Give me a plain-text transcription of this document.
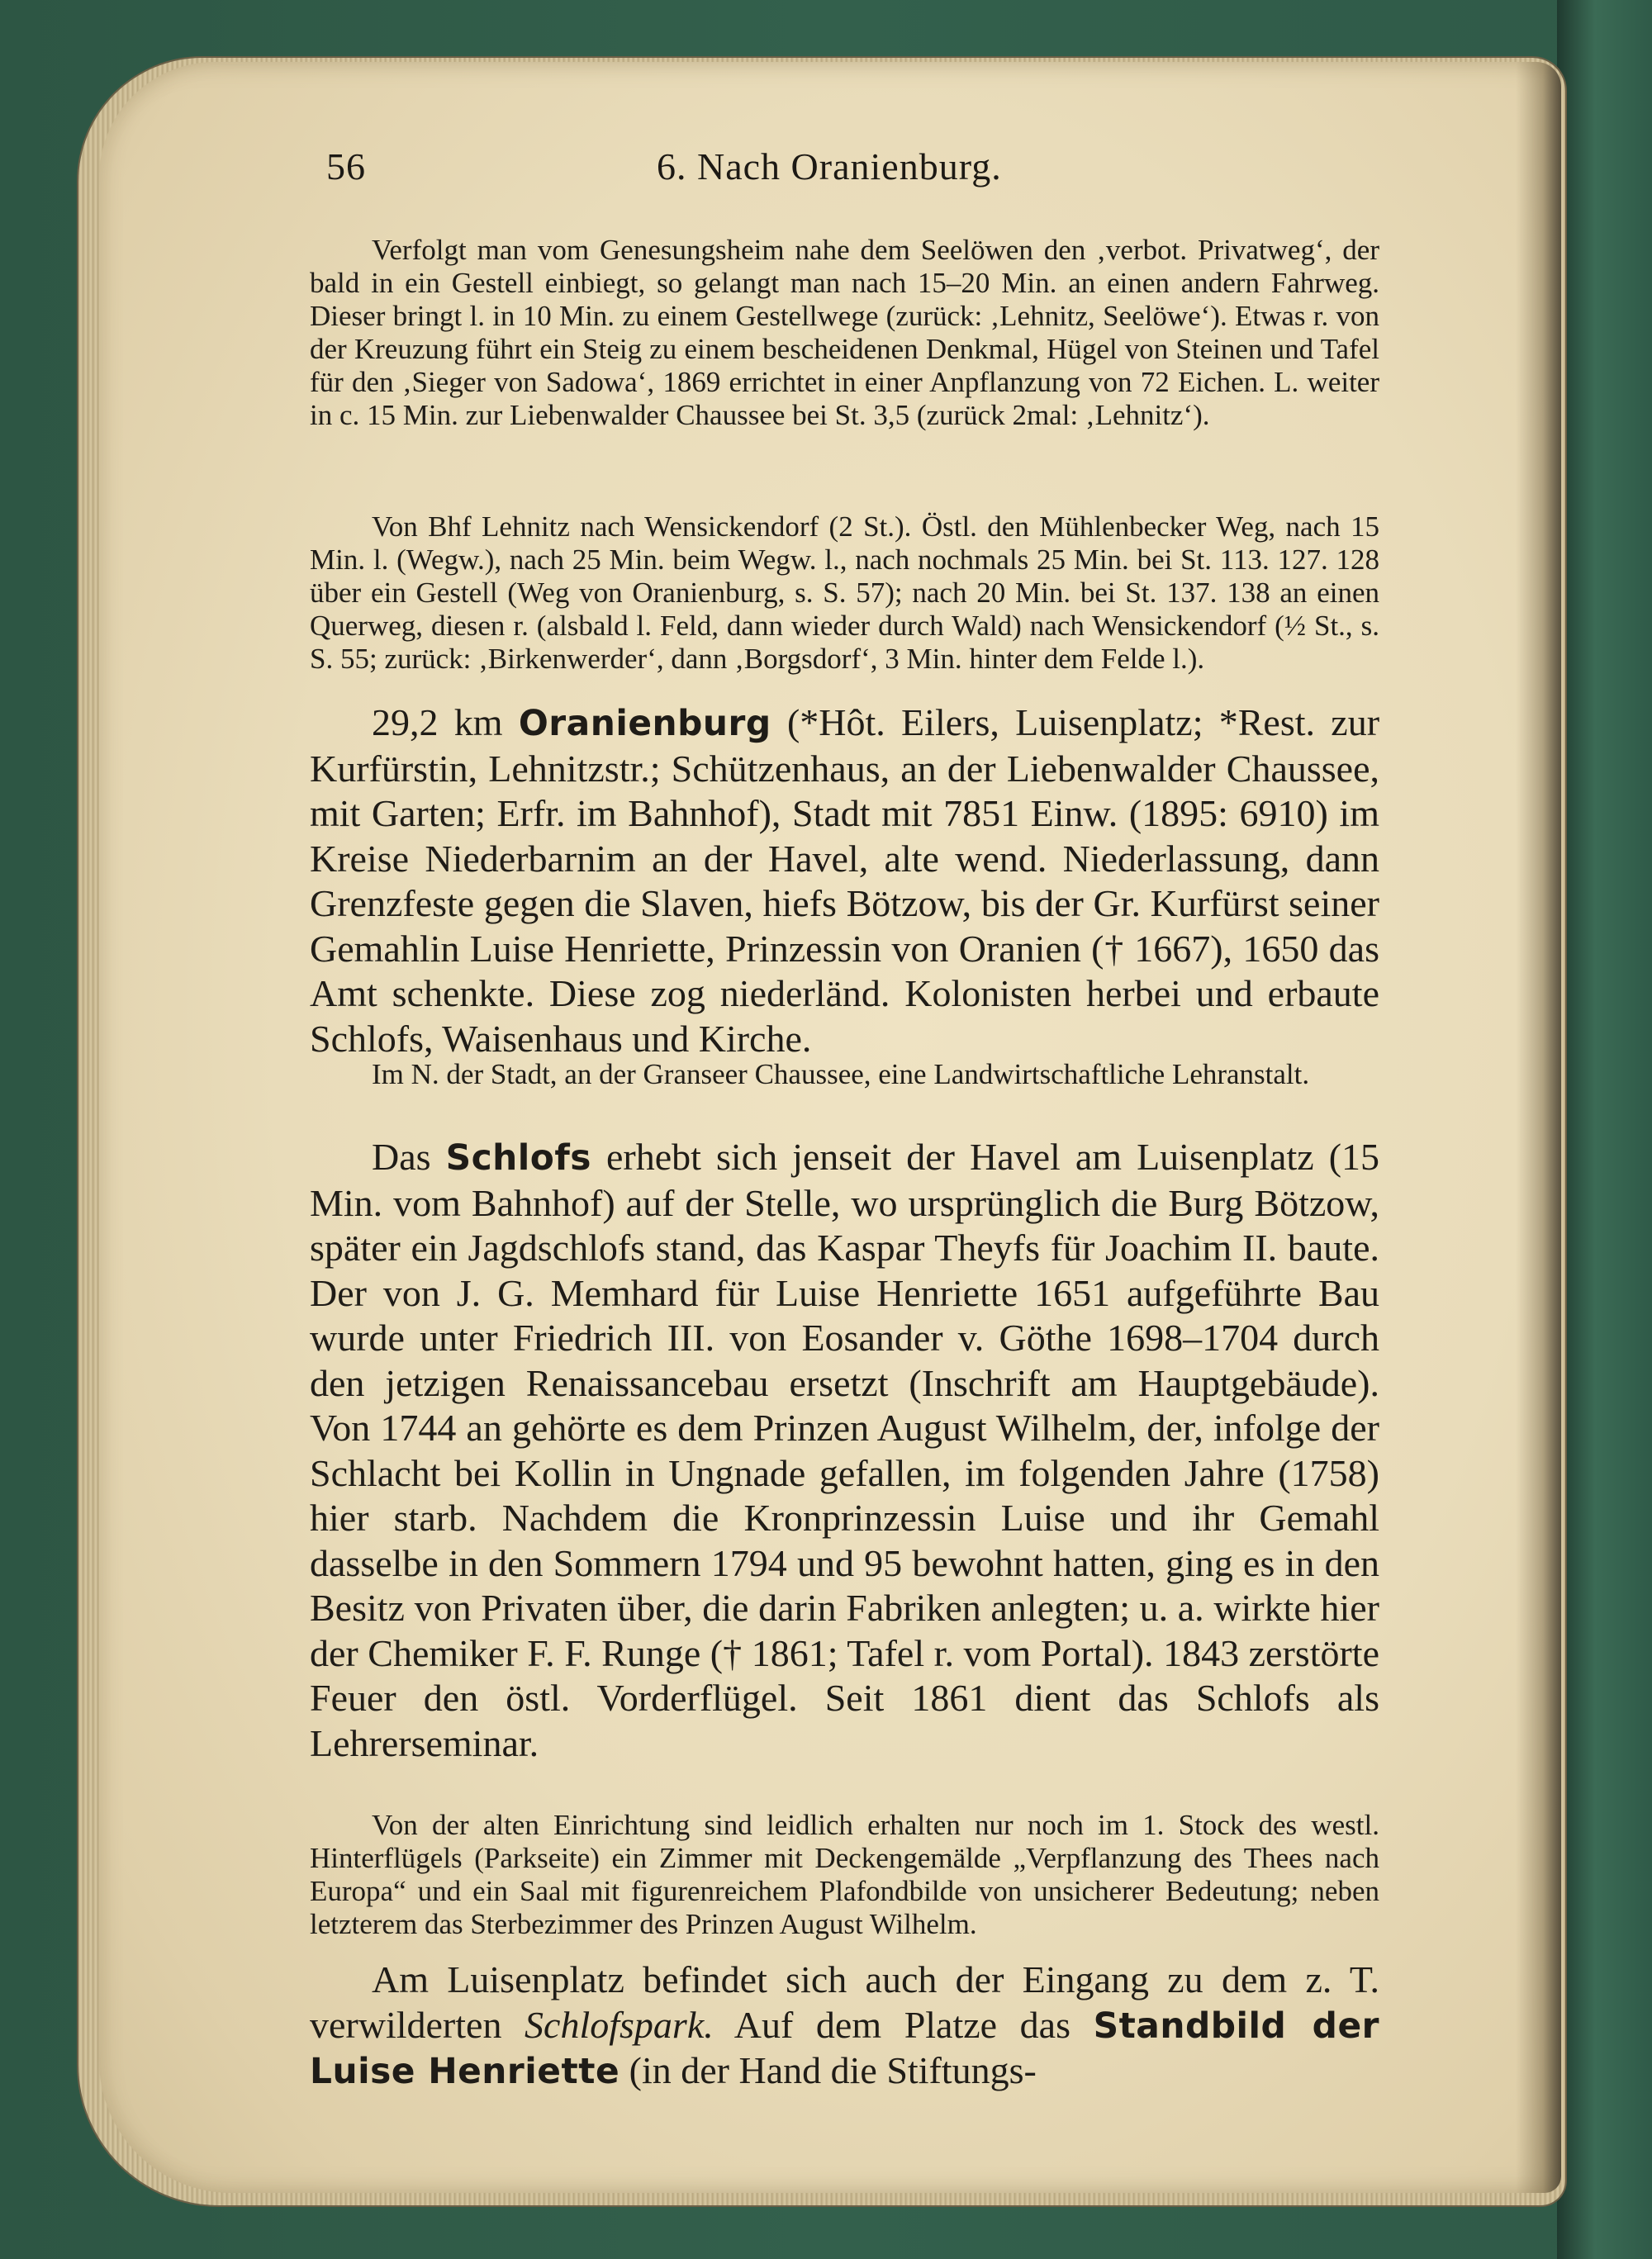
56	6. Nach Oranienburg.

Verfolgt man vom Genesungsheim nahe dem Seelöwen den ‚verbot. Privatweg‘, der bald in ein Gestell einbiegt, so gelangt man nach 15–20 Min. an einen andern Fahrweg. Dieser bringt l. in 10 Min. zu einem Gestellwege (zurück: ‚Lehnitz, Seelöwe‘). Etwas r. von der Kreuzung führt ein Steig zu einem bescheidenen Denkmal, Hügel von Steinen und Tafel für den ‚Sieger von Sadowa‘, 1869 errichtet in einer Anpflanzung von 72 Eichen. L. weiter in c. 15 Min. zur Liebenwalder Chaussee bei St. 3,5 (zurück 2mal: ‚Lehnitz‘).

Von Bhf Lehnitz nach Wensickendorf (2 St.). Östl. den Mühlenbecker Weg, nach 15 Min. l. (Wegw.), nach 25 Min. beim Wegw. l., nach nochmals 25 Min. bei St. 113. 127. 128 über ein Gestell (Weg von Oranienburg, s. S. 57); nach 20 Min. bei St. 137. 138 an einen Querweg, diesen r. (alsbald l. Feld, dann wieder durch Wald) nach Wensickendorf (½ St., s. S. 55; zurück: ‚Birkenwerder‘, dann ‚Borgsdorf‘, 3 Min. hinter dem Felde l.).

29,2 km Oranienburg (*Hôt. Eilers, Luisenplatz; *Rest. zur Kurfürstin, Lehnitzstr.; Schützenhaus, an der Liebenwalder Chaussee, mit Garten; Erfr. im Bahnhof), Stadt mit 7851 Einw. (1895: 6910) im Kreise Niederbarnim an der Havel, alte wend. Niederlassung, dann Grenzfeste gegen die Slaven, hiefs Bötzow, bis der Gr. Kurfürst seiner Gemahlin Luise Henriette, Prinzessin von Oranien († 1667), 1650 das Amt schenkte. Diese zog niederländ. Kolonisten herbei und erbaute Schlofs, Waisenhaus und Kirche.

Im N. der Stadt, an der Granseer Chaussee, eine Landwirtschaftliche Lehranstalt.

Das Schlofs erhebt sich jenseit der Havel am Luisenplatz (15 Min. vom Bahnhof) auf der Stelle, wo ursprünglich die Burg Bötzow, später ein Jagdschlofs stand, das Kaspar Theyfs für Joachim II. baute. Der von J. G. Memhard für Luise Henriette 1651 aufgeführte Bau wurde unter Friedrich III. von Eosander v. Göthe 1698–1704 durch den jetzigen Renaissancebau ersetzt (Inschrift am Hauptgebäude). Von 1744 an gehörte es dem Prinzen August Wilhelm, der, infolge der Schlacht bei Kollin in Ungnade gefallen, im folgenden Jahre (1758) hier starb. Nachdem die Kronprinzessin Luise und ihr Gemahl dasselbe in den Sommern 1794 und 95 bewohnt hatten, ging es in den Besitz von Privaten über, die darin Fabriken anlegten; u. a. wirkte hier der Chemiker F. F. Runge († 1861; Tafel r. vom Portal). 1843 zerstörte Feuer den östl. Vorderflügel. Seit 1861 dient das Schlofs als Lehrerseminar.

Von der alten Einrichtung sind leidlich erhalten nur noch im 1. Stock des westl. Hinterflügels (Parkseite) ein Zimmer mit Deckengemälde „Verpflanzung des Thees nach Europa“ und ein Saal mit figurenreichem Plafondbilde von unsicherer Bedeutung; neben letzterem das Sterbezimmer des Prinzen August Wilhelm.

Am Luisenplatz befindet sich auch der Eingang zu dem z. T. verwilderten Schlofspark. Auf dem Platze das Standbild der Luise Henriette (in der Hand die Stiftungs-
